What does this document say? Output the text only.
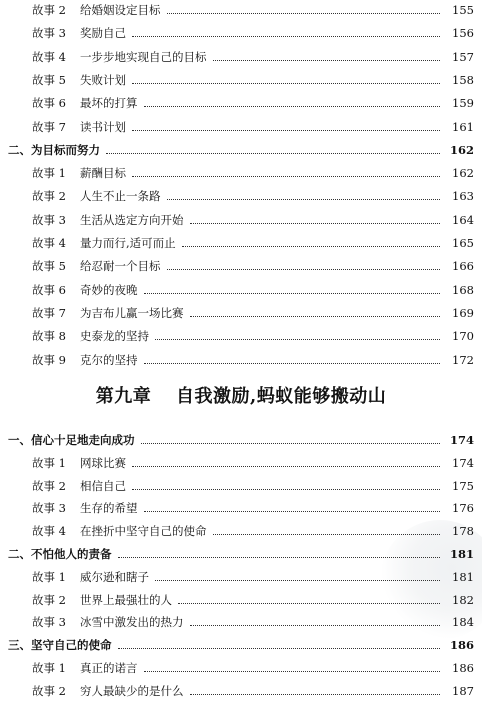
故事 2	给婚姻设定目标	155
故事 3	奖励自己	156
故事 4	一步步地实现自己的目标	157
故事 5	失败计划	158
故事 6	最坏的打算	159
故事 7	读书计划	161
二、为目标而努力	162
故事 1	薪酬目标	162
故事 2	人生不止一条路	163
故事 3	生活从选定方向开始	164
故事 4	量力而行,适可而止	165
故事 5	给忍耐一个目标	166
故事 6	奇妙的夜晚	168
故事 7	为吉布儿赢一场比赛	169
故事 8	史泰龙的坚持	170
故事 9	克尔的坚持	172
一、信心十足地走向成功	174
故事 1	网球比赛	174
故事 2	相信自己	175
故事 3	生存的希望	176
故事 4	在挫折中坚守自己的使命	178
二、不怕他人的责备	181
故事 1	威尔逊和瞎子	181
故事 2	世界上最强壮的人	182
故事 3	冰雪中激发出的热力	184
三、坚守自己的使命	186
故事 1	真正的诺言	186
故事 2	穷人最缺少的是什么	187
第九章 自我激励,蚂蚁能够搬动山
